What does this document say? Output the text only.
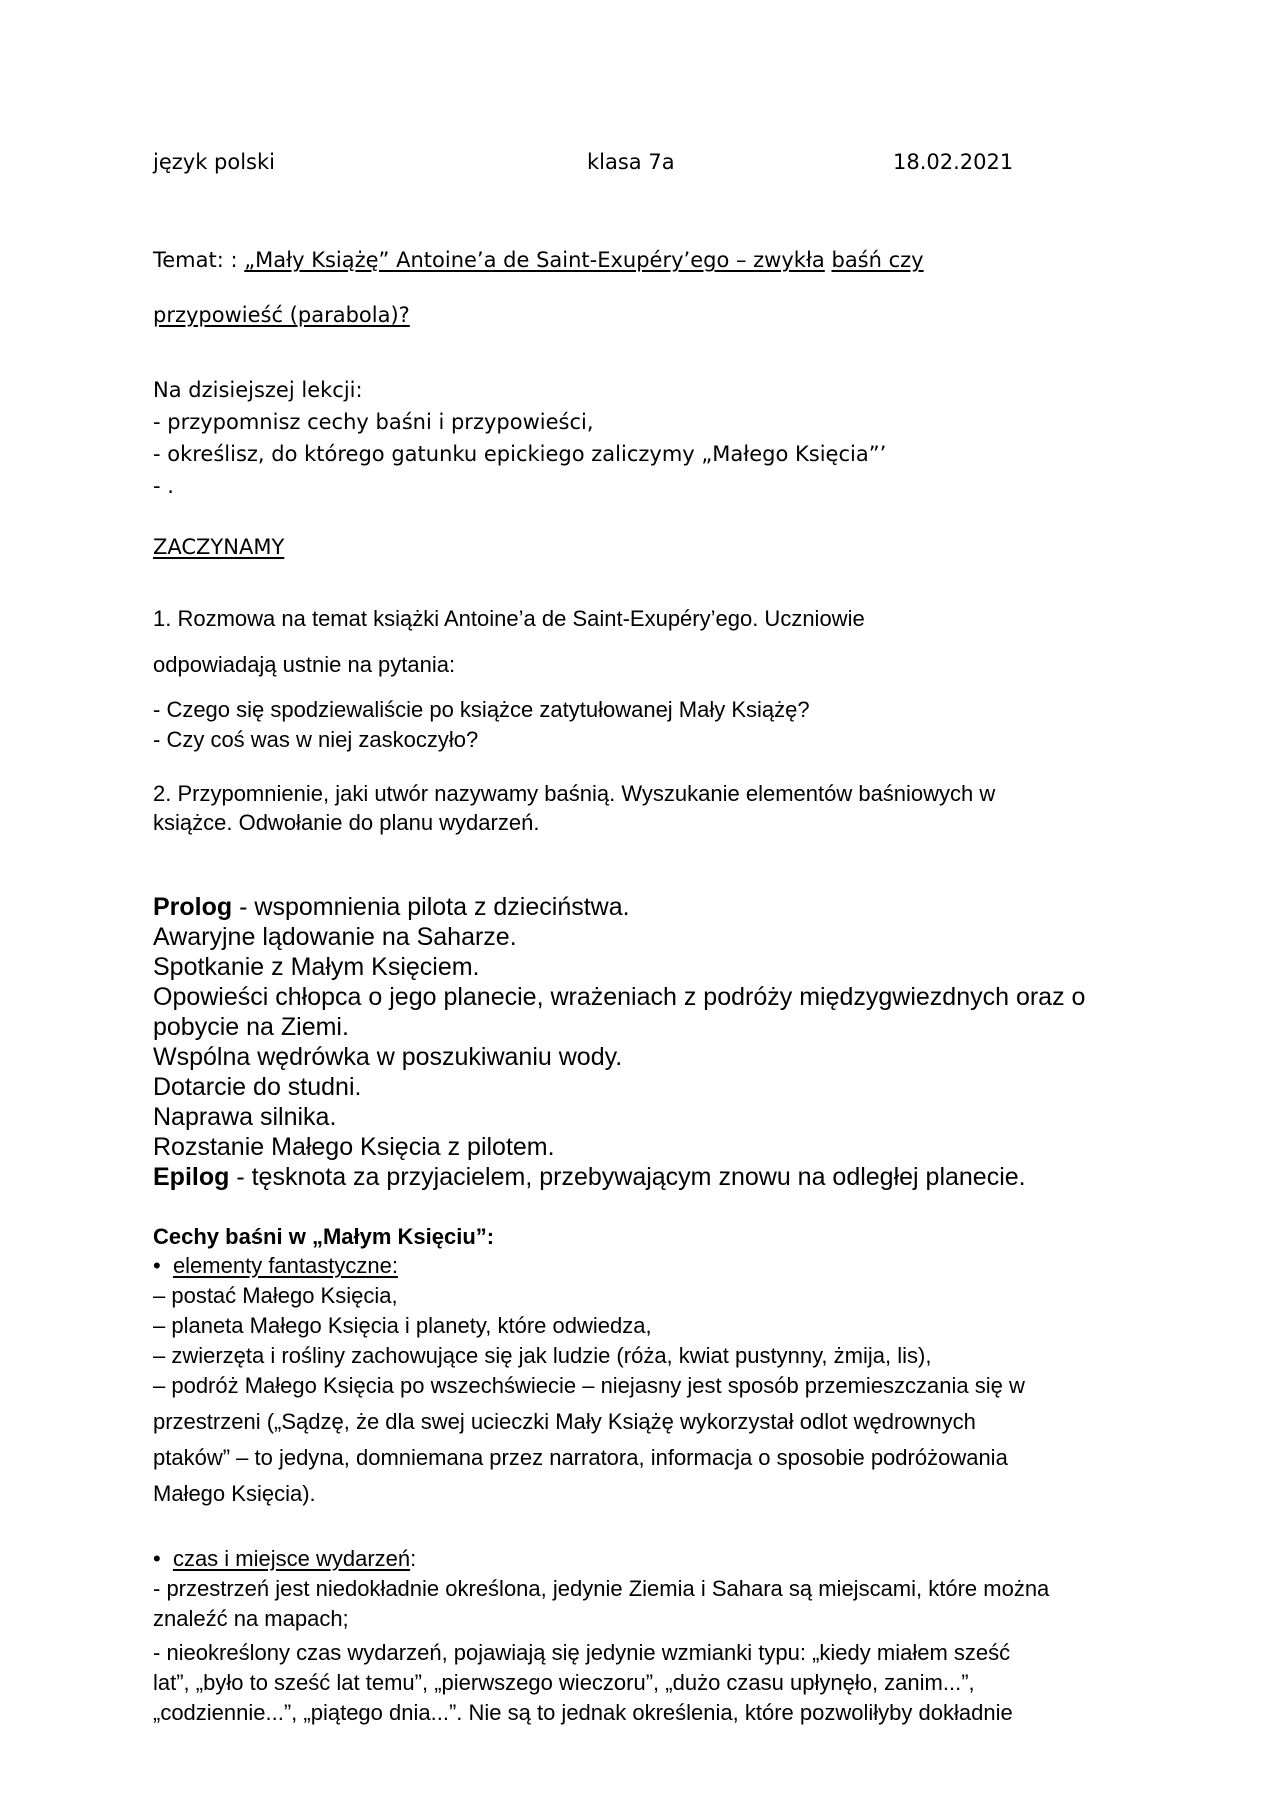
język polski	klasa 7a	18.02.2021
Temat: : „Mały Książę” Antoine’a de Saint-Exupéry’ego – zwykła baśń czy
przypowieść (parabola)?
Na dzisiejszej lekcji:
- przypomnisz cechy baśni i przypowieści,
- określisz, do którego gatunku epickiego zaliczymy „Małego Księcia”’
- .
ZACZYNAMY
1. Rozmowa na temat książki Antoine’a de Saint-Exupéry’ego. Uczniowie
odpowiadają ustnie na pytania:
- Czego się spodziewaliście po książce zatytułowanej Mały Książę?
- Czy coś was w niej zaskoczyło?
2. Przypomnienie, jaki utwór nazywamy baśnią. Wyszukanie elementów baśniowych w
książce. Odwołanie do planu wydarzeń.
Prolog - wspomnienia pilota z dzieciństwa.
Awaryjne lądowanie na Saharze.
Spotkanie z Małym Księciem.
Opowieści chłopca o jego planecie, wrażeniach z podróży międzygwiezdnych oraz o
pobycie na Ziemi.
Wspólna wędrówka w poszukiwaniu wody.
Dotarcie do studni.
Naprawa silnika.
Rozstanie Małego Księcia z pilotem.
Epilog - tęsknota za przyjacielem, przebywającym znowu na odległej planecie.
Cechy baśni w „Małym Księciu”:
• elementy fantastyczne:
– postać Małego Księcia,
– planeta Małego Księcia i planety, które odwiedza,
– zwierzęta i rośliny zachowujące się jak ludzie (róża, kwiat pustynny, żmija, lis),
– podróż Małego Księcia po wszechświecie – niejasny jest sposób przemieszczania się w
przestrzeni („Sądzę, że dla swej ucieczki Mały Książę wykorzystał odlot wędrownych
ptaków” – to jedyna, domniemana przez narratora, informacja o sposobie podróżowania
Małego Księcia).
• czas i miejsce wydarzeń:
- przestrzeń jest niedokładnie określona, jedynie Ziemia i Sahara są miejscami, które można
znaleźć na mapach;
- nieokreślony czas wydarzeń, pojawiają się jedynie wzmianki typu: „kiedy miałem sześć
lat”, „było to sześć lat temu”, „pierwszego wieczoru”, „dużo czasu upłynęło, zanim...”,
„codziennie...”, „piątego dnia...”. Nie są to jednak określenia, które pozwoliłyby dokładnie
